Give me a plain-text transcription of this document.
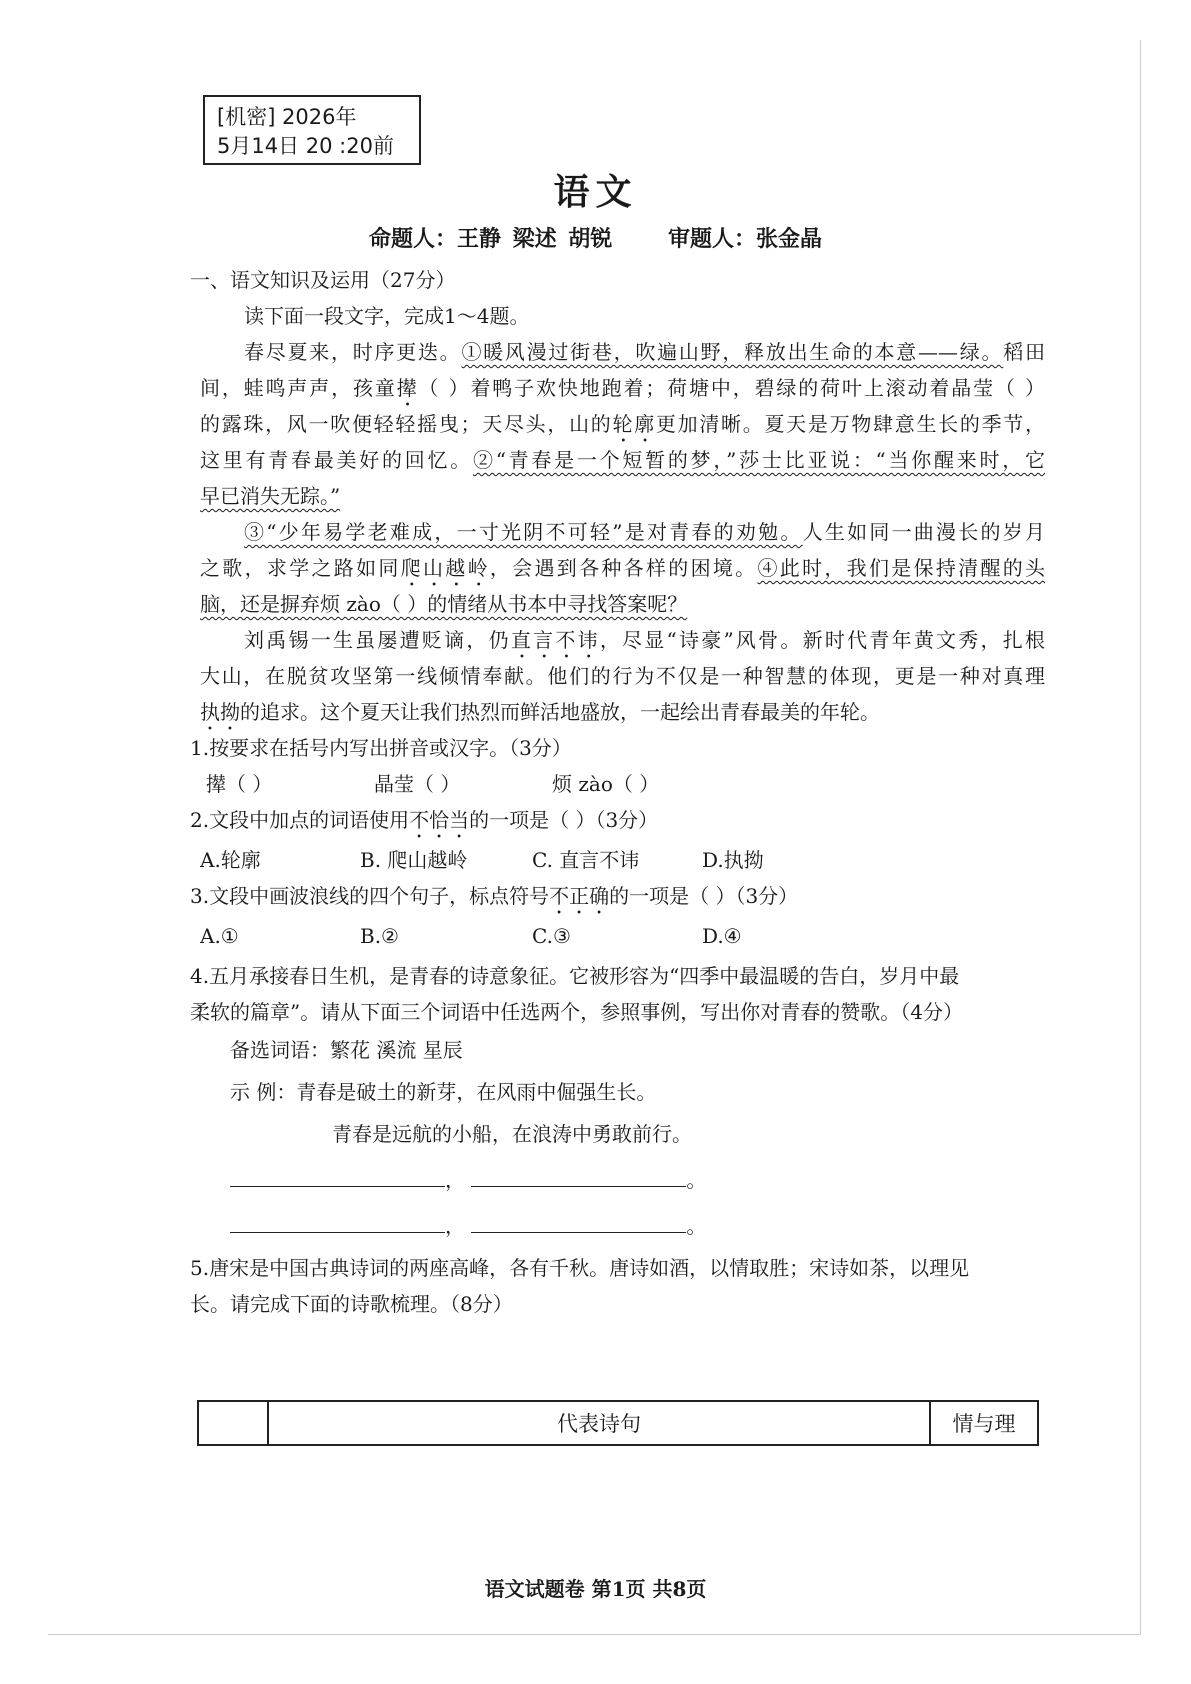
[机密] 2026年
5月14日 20 :20前
语文
命题人：王静 梁述 胡锐	审题人：张金晶
一、语文知识及运用（27分）
读下面一段文字，完成1～4题。
春尽夏来，时序更迭。①暖风漫过街巷，吹遍山野，释放出生命的本意——绿。稻田
间，蛙鸣声声，孩童撵（ ）着鸭子欢快地跑着；荷塘中，碧绿的荷叶上滚动着晶莹（ ）
的露珠，风一吹便轻轻摇曳；天尽头，山的轮廓更加清晰。夏天是万物肆意生长的季节，
这里有青春最美好的回忆。②“青春是一个短暂的梦，”莎士比亚说：“当你醒来时，它
早已消失无踪。”
③“少年易学老难成，一寸光阴不可轻”是对青春的劝勉。人生如同一曲漫长的岁月
之歌，求学之路如同爬山越岭，会遇到各种各样的困境。④此时，我们是保持清醒的头
脑，还是摒弃烦 zào（ ）的情绪从书本中寻找答案呢？
刘禹锡一生虽屡遭贬谪，仍直言不讳，尽显“诗豪”风骨。新时代青年黄文秀，扎根
大山，在脱贫攻坚第一线倾情奉献。他们的行为不仅是一种智慧的体现，更是一种对真理
执拗的追求。这个夏天让我们热烈而鲜活地盛放，一起绘出青春最美的年轮。
1.按要求在括号内写出拼音或汉字。（3分）
撵（ ）	晶莹（ ）	烦 zào（ ）
2.文段中加点的词语使用不恰当的一项是（ ）（3分）
A.轮廓	B. 爬山越岭	C. 直言不讳	D.执拗
3.文段中画波浪线的四个句子，标点符号不正确的一项是（ ）（3分）
A.①	B.②	C.③	D.④
4.五月承接春日生机，是青春的诗意象征。它被形容为“四季中最温暖的告白，岁月中最
柔软的篇章”。请从下面三个词语中任选两个，参照事例，写出你对青春的赞歌。（4分）
备选词语：繁花 溪流 星辰
示 例：青春是破土的新芽，在风雨中倔强生长。
青春是远航的小船，在浪涛中勇敢前行。
，	。
，	。
5.唐宋是中国古典诗词的两座高峰，各有千秋。唐诗如酒，以情取胜；宋诗如茶，以理见
长。请完成下面的诗歌梳理。（8分）
	代表诗句	情与理
语文试题卷 第1页 共8页
